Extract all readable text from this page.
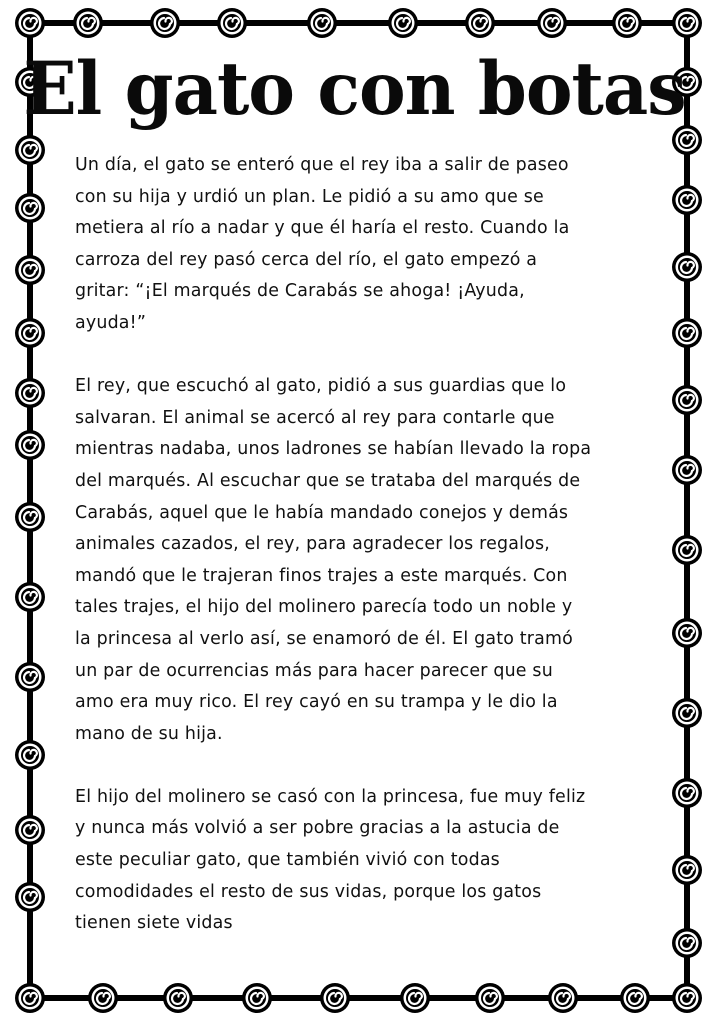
El gato con botas

Un día, el gato se enteró que el rey iba a salir de paseo
con su hija y urdió un plan. Le pidió a su amo que se
metiera al río a nadar y que él haría el resto. Cuando la
carroza del rey pasó cerca del río, el gato empezó a
gritar: “¡El marqués de Carabás se ahoga! ¡Ayuda,
ayuda!”

El rey, que escuchó al gato, pidió a sus guardias que lo
salvaran. El animal se acercó al rey para contarle que
mientras nadaba, unos ladrones se habían llevado la ropa
del marqués. Al escuchar que se trataba del marqués de
Carabás, aquel que le había mandado conejos y demás
animales cazados, el rey, para agradecer los regalos,
mandó que le trajeran finos trajes a este marqués. Con
tales trajes, el hijo del molinero parecía todo un noble y
la princesa al verlo así, se enamoró de él. El gato tramó
un par de ocurrencias más para hacer parecer que su
amo era muy rico. El rey cayó en su trampa y le dio la
mano de su hija.

El hijo del molinero se casó con la princesa, fue muy feliz
y nunca más volvió a ser pobre gracias a la astucia de
este peculiar gato, que también vivió con todas
comodidades el resto de sus vidas, porque los gatos
tienen siete vidas
